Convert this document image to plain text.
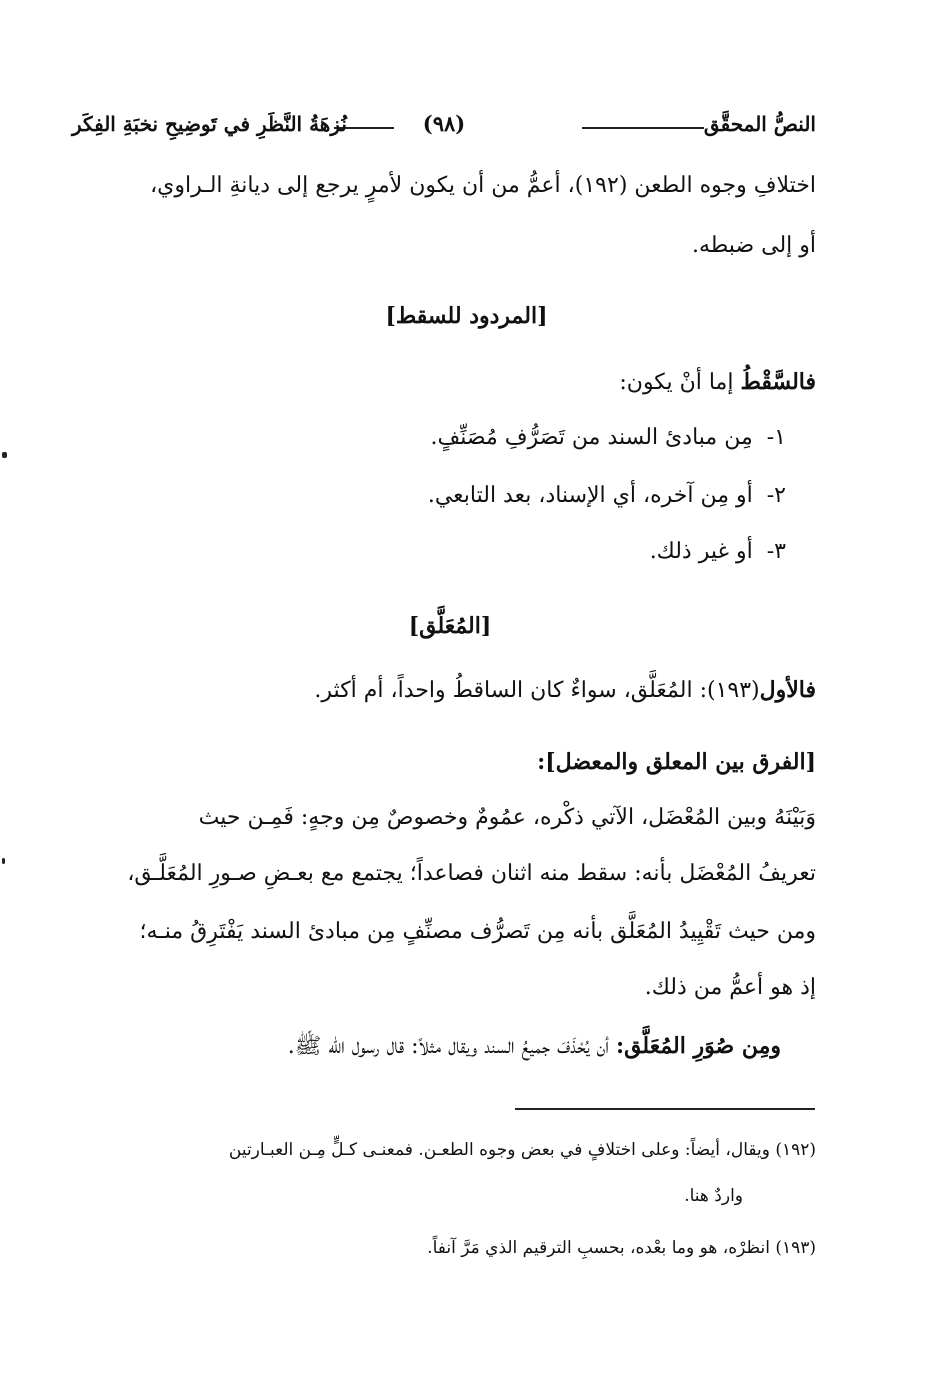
النصُّ المحقَّق
(٩٨)
نُزهَةُ النَّظَرِ في تَوضِيحِ نخبَةِ الفِكَر
اختلافِ وجوه الطعن (١٩٢)، أعمُّ من أن يكون لأمرٍ يرجع إلى ديانةِ الـراوي،
أو إلى ضبطه.
[المردود للسقط]
فالسَّقْطُ إما أنْ يكون:
١-مِن مبادئ السند من تَصَرُّفِ مُصَنِّفٍ.
٢-أو مِن آخره، أي الإسناد، بعد التابعي.
٣-أو غير ذلك.
[المُعَلَّق]
فالأول(١٩٣): المُعَلَّق، سواءٌ كان الساقطُ واحداً، أم أكثر.
[الفرق بين المعلق والمعضل]:
وَبَيْنَهُ وبين المُعْضَل، الآتي ذكْره، عمُومٌ وخصوصٌ مِن وجهٍ: فَمِـن حيث
تعريفُ المُعْضَل بأنه: سقط منه اثنان فصاعداً؛ يجتمع مع بعـضِ صـورِ المُعَلَّـق،
ومن حيث تَقْيِيدُ المُعَلَّق بأنه مِن تَصرُّف مصنِّفٍ مِن مبادئ السند يَفْتَرِقُ منـه؛
إذ هو أعمُّ من ذلك.
ومِن صُوَرِ المُعَلَّق: أن يُحْذَفَ جميعُ السند ويقال مثلاً: قال رسول الله ﷺ.
(١٩٢) ويقال، أيضاً: وعلى اختلافٍ في بعض وجوه الطعـن. فمعنـى كـلٍّ مِـن العبـارتين
واردٌ هنا.
(١٩٣) انظرْه، هو وما بعْده، بحسبِ الترقيم الذي مَرَّ آنفاً.
